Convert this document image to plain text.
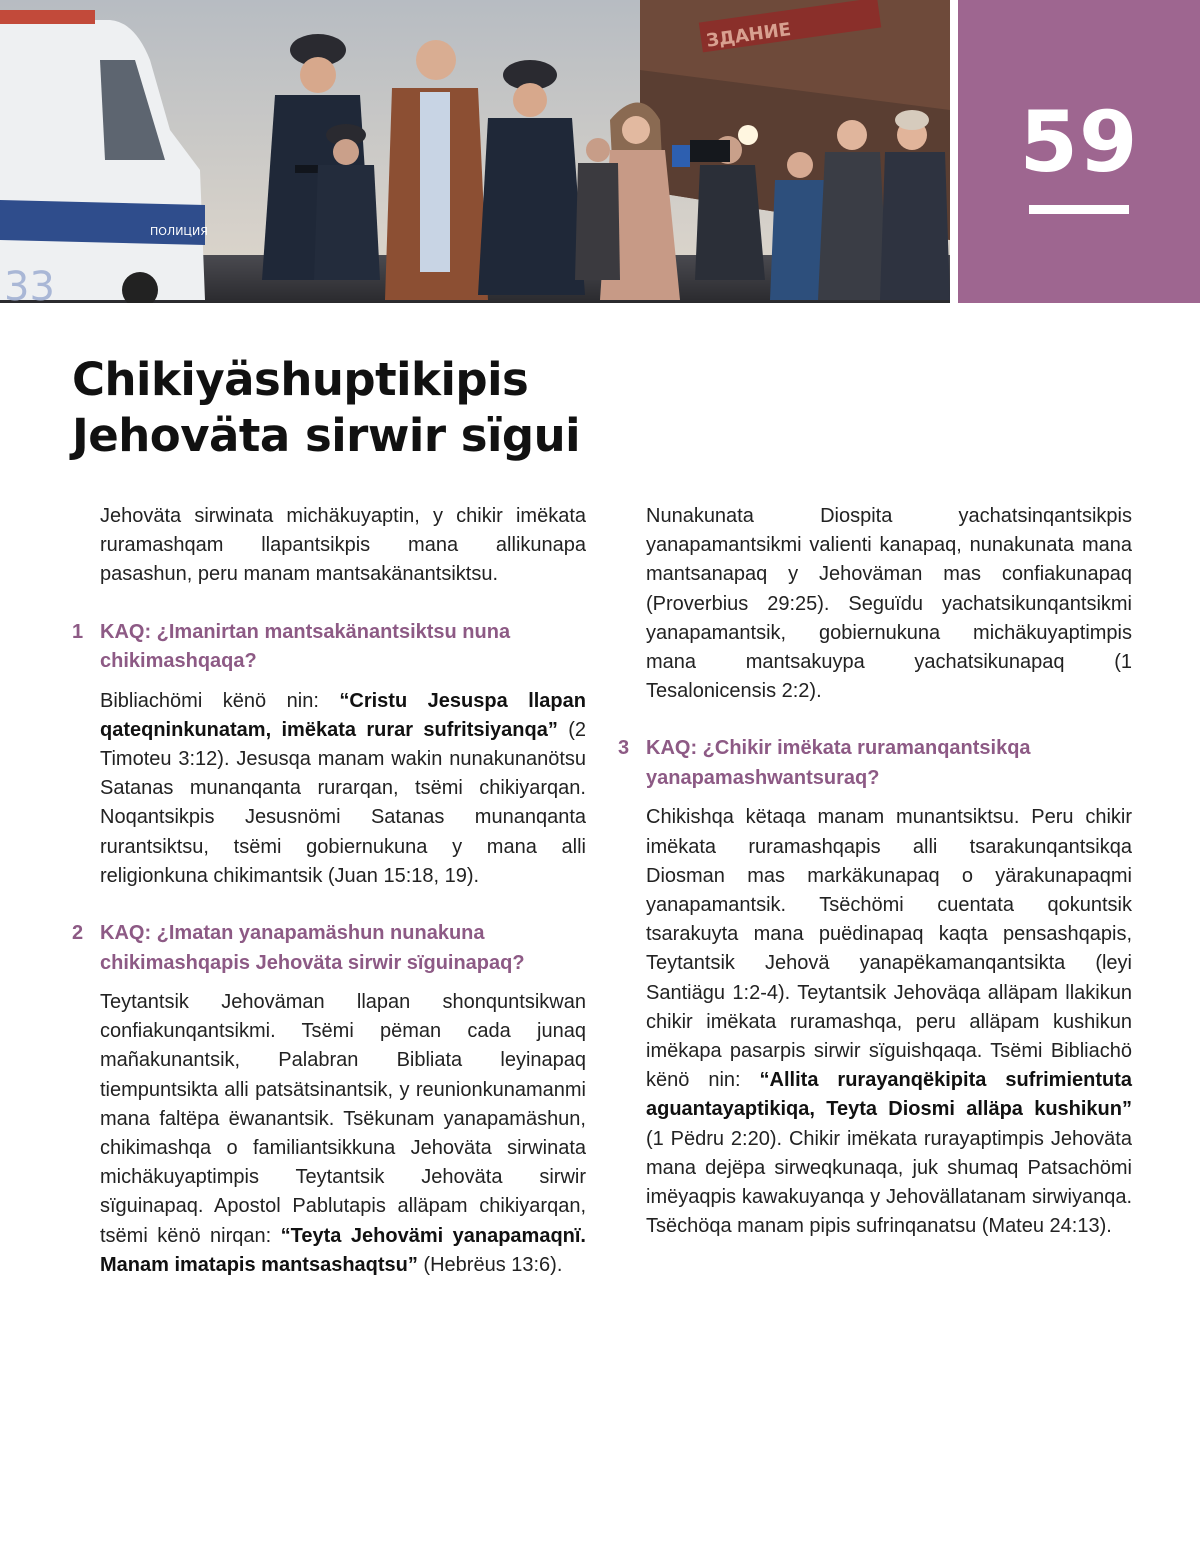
ЗДАНИЕ
ПОЛИЦИЯ
33
59
Chikiyäshuptikipis Jehoväta sirwir sïgui

Jehoväta sirwinata michäkuyaptin, y chikir imëkata ruramashqam llapantsikpis mana allikunapa pasashun, peru manam mantsakänantsiktsu.

1 KAQ: ¿Imanirtan mantsakänantsiktsu nuna chikimashqaqa?

Bibliachömi kënö nin: “Cristu Jesuspa llapan qateqninkunatam, imëkata rurar sufritsiyanqa” (2 Timoteu 3:12). Jesusqa manam wakin nunakunanötsu Satanas munanqanta rurarqan, tsëmi chikiyarqan. Noqantsikpis Jesusnömi Satanas munanqanta rurantsiktsu, tsëmi gobiernukuna y mana alli religionkuna chikimantsik (Juan 15:18, 19).

2 KAQ: ¿Imatan yanapamäshun nunakuna chikimashqapis Jehoväta sirwir sïguinapaq?

Teytantsik Jehoväman llapan shonquntsikwan confiakunqantsikmi. Tsëmi pëman cada junaq mañakunantsik, Palabran Bibliata leyinapaq tiempuntsikta alli patsätsinantsik, y reunionkunamanmi mana faltëpa ëwanantsik. Tsëkunam yanapamäshun, chikimashqa o familiantsikkuna Jehoväta sirwinata michäkuyaptimpis Teytantsik Jehoväta sirwir sïguinapaq. Apostol Pablutapis alläpam chikiyarqan, tsëmi kënö nirqan: “Teyta Jehovämi yanapamaqnï. Manam imatapis mantsashaqtsu” (Hebrëus 13:6).

Nunakunata Diospita yachatsinqantsikpis yanapamantsikmi valienti kanapaq, nunakunata mana mantsanapaq y Jehoväman mas confiakunapaq (Proverbius 29:25). Seguïdu yachatsikunqantsikmi yanapamantsik, gobiernukuna michäkuyaptimpis mana mantsakuypa yachatsikunapaq (1 Tesalonicensis 2:2).

3 KAQ: ¿Chikir imëkata ruramanqantsikqa yanapamashwantsuraq?

Chikishqa këtaqa manam munantsiktsu. Peru chikir imëkata ruramashqapis alli tsarakunqantsikqa Diosman mas markäkunapaq o yärakunapaqmi yanapamantsik. Tsëchömi cuentata qokuntsik tsarakuyta mana puëdinapaq kaqta pensashqapis, Teytantsik Jehovä yanapëkamanqantsikta (leyi Santiägu 1:2-4). Teytantsik Jehoväqa alläpam llakikun chikir imëkata ruramashqa, peru alläpam kushikun imëkapa pasarpis sirwir sïguishqaqa. Tsëmi Bibliachö kënö nin: “Allita rurayanqëkipita sufrimientuta aguantayaptikiqa, Teyta Diosmi alläpa kushikun” (1 Pëdru 2:20). Chikir imëkata rurayaptimpis Jehoväta mana dejëpa sirweqkunaqa, juk shumaq Patsachömi imëyaqpis kawakuyanqa y Jehovällatanam sirwiyanqa. Tsëchöqa manam pipis sufrinqanatsu (Mateu 24:13).
